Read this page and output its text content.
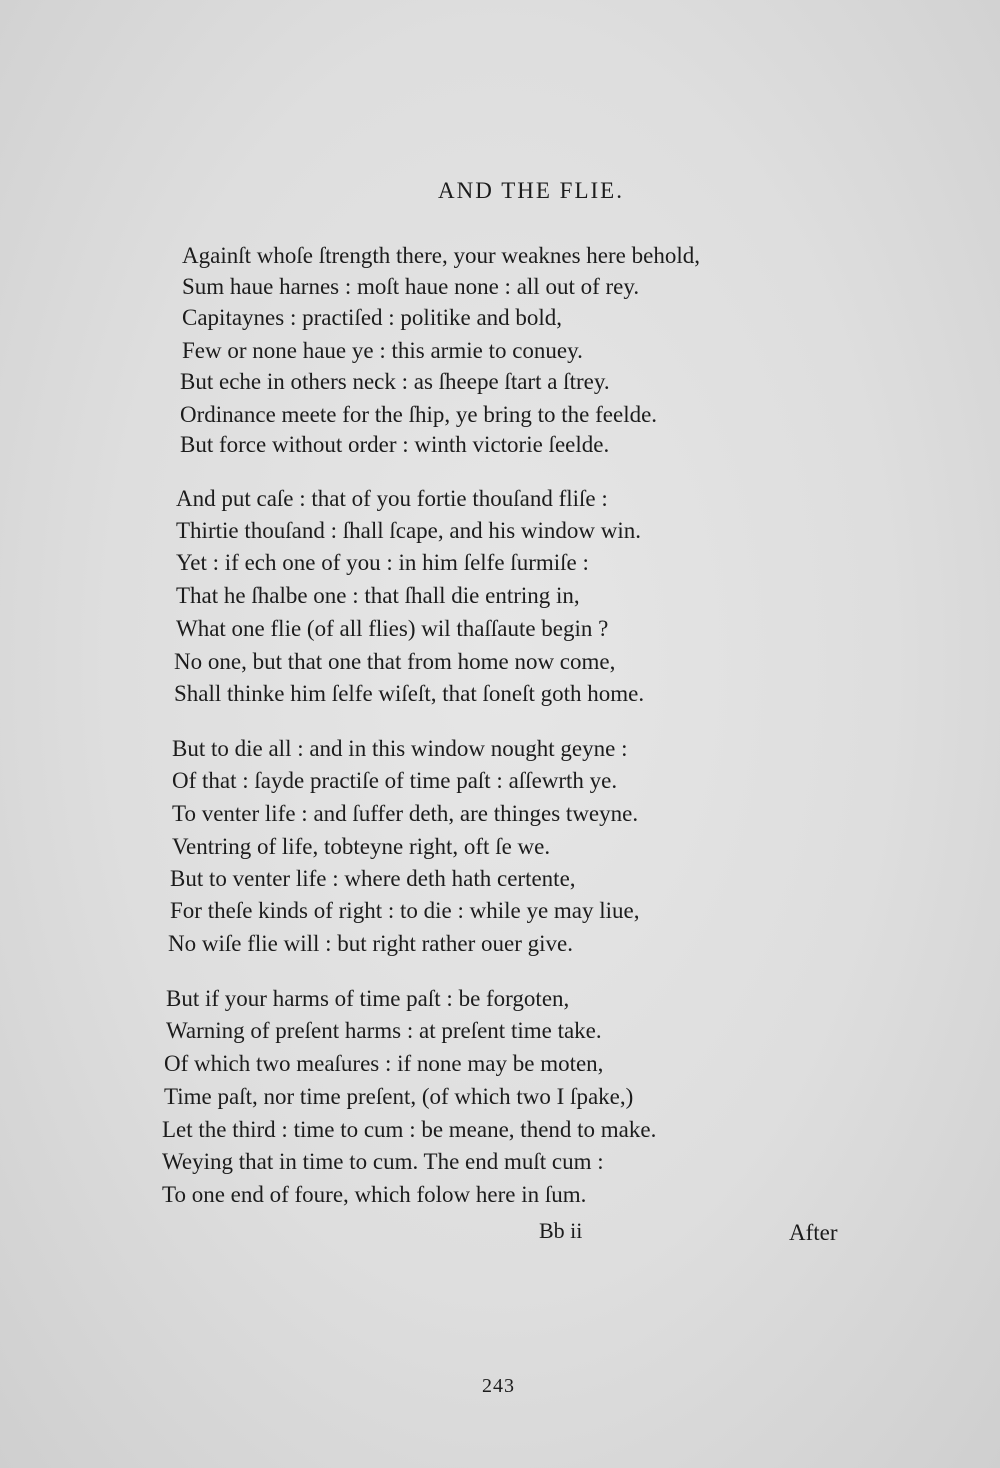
AND THE FLIE.
Againſt whoſe ſtrength there, your weaknes here behold,
Sum haue harnes : moſt haue none : all out of rey.
Capitaynes : practiſed : politike and bold,
Few or none haue ye : this armie to conuey.
But eche in others neck : as ſheepe ſtart a ſtrey.
Ordinance meete for the ſhip, ye bring to the feelde.
But force without order : winth victorie ſeelde.
And put caſe : that of you fortie thouſand fliſe :
Thirtie thouſand : ſhall ſcape, and his window win.
Yet : if ech one of you : in him ſelfe ſurmiſe :
That he ſhalbe one : that ſhall die entring in,
What one flie (of all flies) wil thaſſaute begin ?
No one, but that one that from home now come,
Shall thinke him ſelfe wiſeſt, that ſoneſt goth home.
But to die all : and in this window nought geyne :
Of that : ſayde practiſe of time paſt : aſſewrth ye.
To venter life : and ſuffer deth, are thinges tweyne.
Ventring of life, tobteyne right, oft ſe we.
But to venter life : where deth hath certente,
For theſe kinds of right : to die : while ye may liue,
No wiſe flie will : but right rather ouer give.
But if your harms of time paſt : be forgoten,
Warning of preſent harms : at preſent time take.
Of which two meaſures : if none may be moten,
Time paſt, nor time preſent, (of which two I ſpake,)
Let the third : time to cum : be meane, thend to make.
Weying that in time to cum. The end muſt cum :
To one end of foure, which folow here in ſum.
Bb ii	After
243
